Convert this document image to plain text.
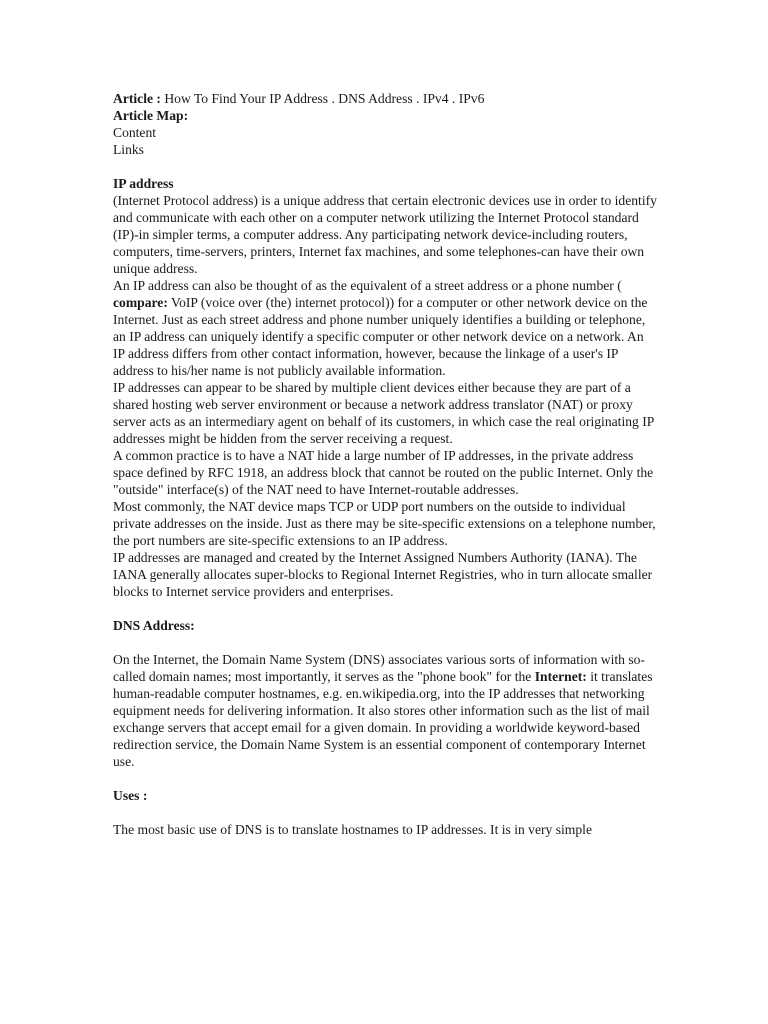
Article : How To Find Your IP Address . DNS Address . IPv4 . IPv6

Article Map:

Content

Links

IP address

(Internet Protocol address) is a unique address that certain electronic devices use in order to identify and communicate with each other on a computer network utilizing the Internet Protocol standard (IP)-in simpler terms, a computer address. Any participating network device-including routers, computers, time-servers, printers, Internet fax machines, and some telephones-can have their own unique address.

An IP address can also be thought of as the equivalent of a street address or a phone number ( compare: VoIP (voice over (the) internet protocol)) for a computer or other network device on the Internet. Just as each street address and phone number uniquely identifies a building or telephone, an IP address can uniquely identify a specific computer or other network device on a network. An IP address differs from other contact information, however, because the linkage of a user's IP address to his/her name is not publicly available information.

IP addresses can appear to be shared by multiple client devices either because they are part of a shared hosting web server environment or because a network address translator (NAT) or proxy server acts as an intermediary agent on behalf of its customers, in which case the real originating IP addresses might be hidden from the server receiving a request.

A common practice is to have a NAT hide a large number of IP addresses, in the private address space defined by RFC 1918, an address block that cannot be routed on the public Internet. Only the "outside" interface(s) of the NAT need to have Internet-routable addresses.

Most commonly, the NAT device maps TCP or UDP port numbers on the outside to individual private addresses on the inside. Just as there may be site-specific extensions on a telephone number, the port numbers are site-specific extensions to an IP address.

IP addresses are managed and created by the Internet Assigned Numbers Authority (IANA). The IANA generally allocates super-blocks to Regional Internet Registries, who in turn allocate smaller blocks to Internet service providers and enterprises.

DNS Address:

On the Internet, the Domain Name System (DNS) associates various sorts of information with so-called domain names; most importantly, it serves as the "phone book" for the Internet: it translates human-readable computer hostnames, e.g. en.wikipedia.org, into the IP addresses that networking equipment needs for delivering information. It also stores other information such as the list of mail exchange servers that accept email for a given domain. In providing a worldwide keyword-based redirection service, the Domain Name System is an essential component of contemporary Internet use.

Uses :

The most basic use of DNS is to translate hostnames to IP addresses. It is in very simple
